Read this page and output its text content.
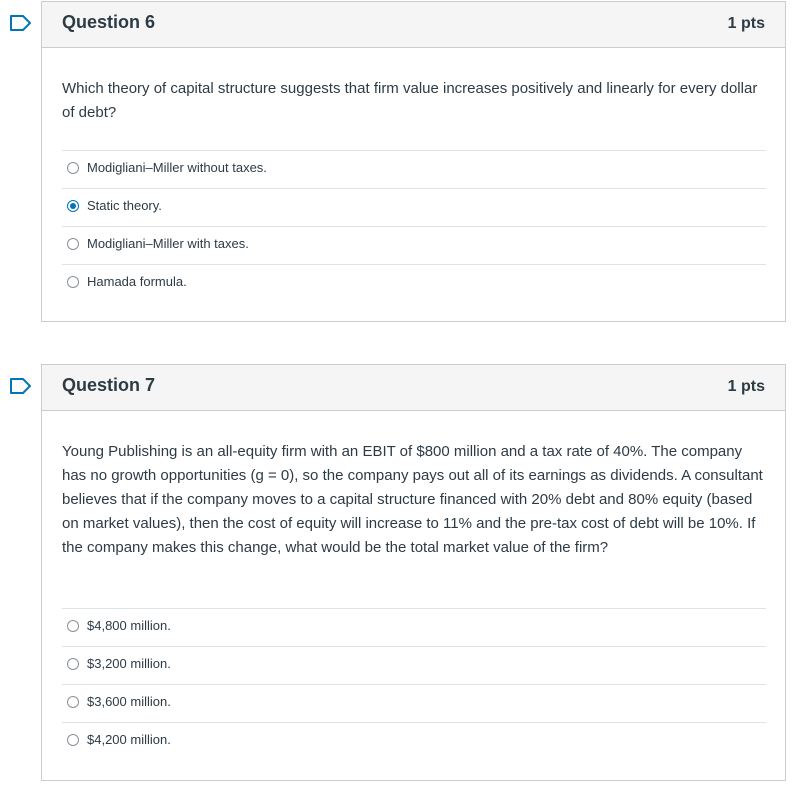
Question 6	1 pts

Which theory of capital structure suggests that firm value increases positively and linearly for every dollar of debt?

Modigliani–Miller without taxes.
Static theory.
Modigliani–Miller with taxes.
Hamada formula.
Question 7	1 pts

Young Publishing is an all-equity firm with an EBIT of $800 million and a tax rate of 40%. The company has no growth opportunities (g = 0), so the company pays out all of its earnings as dividends. A consultant believes that if the company moves to a capital structure financed with 20% debt and 80% equity (based on market values), then the cost of equity will increase to 11% and the pre-tax cost of debt will be 10%. If the company makes this change, what would be the total market value of the firm?

$4,800 million.
$3,200 million.
$3,600 million.
$4,200 million.
